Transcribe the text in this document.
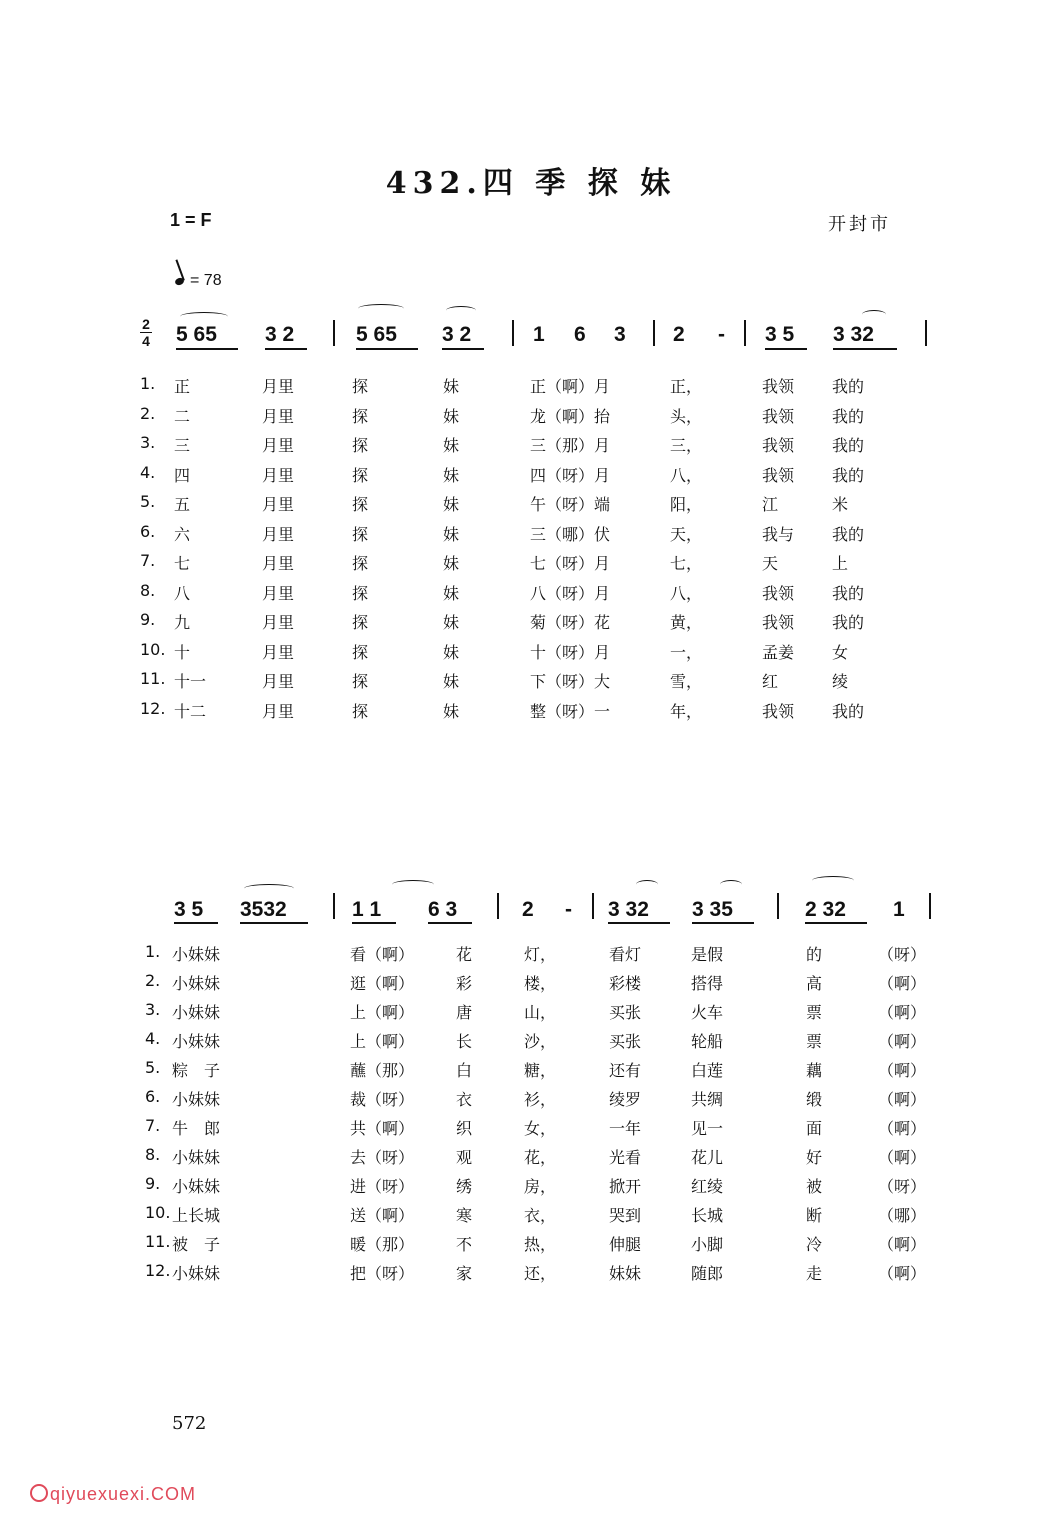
432.四 季 探 妹
1 = F	开封市
= 78
2
4 5 65 3 2	5 65 3 2	1 6 3 2 - 3 5 3 32
1. 正	月里	探	妹	正（啊）月	正，	我领 我的
2. 二	月里	探	妹	龙（啊）抬	头，	我领 我的
3. 三	月里	探	妹	三（那）月	三，	我领 我的
4. 四	月里	探	妹	四（呀）月	八，	我领 我的
5. 五	月里	探	妹	午（呀）端	阳，	江	米
6. 六	月里	探	妹	三（哪）伏	天，	我与 我的
7. 七	月里	探	妹	七（呀）月	七，	天	上
8. 八	月里	探	妹	八（呀）月	八，	我领 我的
9. 九	月里	探	妹	菊（呀）花	黄，	我领 我的
10. 十	月里	探	妹	十（呀）月	一，	孟姜 女
11. 十一	月里	探	妹	下（呀）大	雪，	红	绫
12. 十二	月里	探	妹	整（呀）一	年，	我领 我的
3 5 3532	1 1 6 3	2 - 3 32 3 35	2 32 1
1. 小妹妹	看（啊）	花	灯，	看灯	是假	的	（呀）
2. 小妹妹	逛（啊）	彩	楼，	彩楼	搭得	高	（啊）
3. 小妹妹	上（啊）	唐	山，	买张	火车	票	（啊）
4. 小妹妹	上（啊）	长	沙，	买张	轮船	票	（啊）
5. 粽　子	蘸（那）	白	糖，	还有	白莲	藕	（啊）
6. 小妹妹	裁（呀）	衣	衫，	绫罗	共绸	缎	（啊）
7. 牛　郎	共（啊）	织	女，	一年	见一	面	（啊）
8. 小妹妹	去（呀）	观	花，	光看	花儿	好	（啊）
9. 小妹妹	进（呀）	绣	房，	掀开	红绫	被	（呀）
10. 上长城	送（啊）	寒	衣，	哭到	长城	断	（哪）
11. 被　子	暖（那）	不	热，	伸腿	小脚	冷	（啊）
12. 小妹妹	把（呀）	家	还，	妹妹	随郎	走	（啊）
572
qiyuexuexi.COM
